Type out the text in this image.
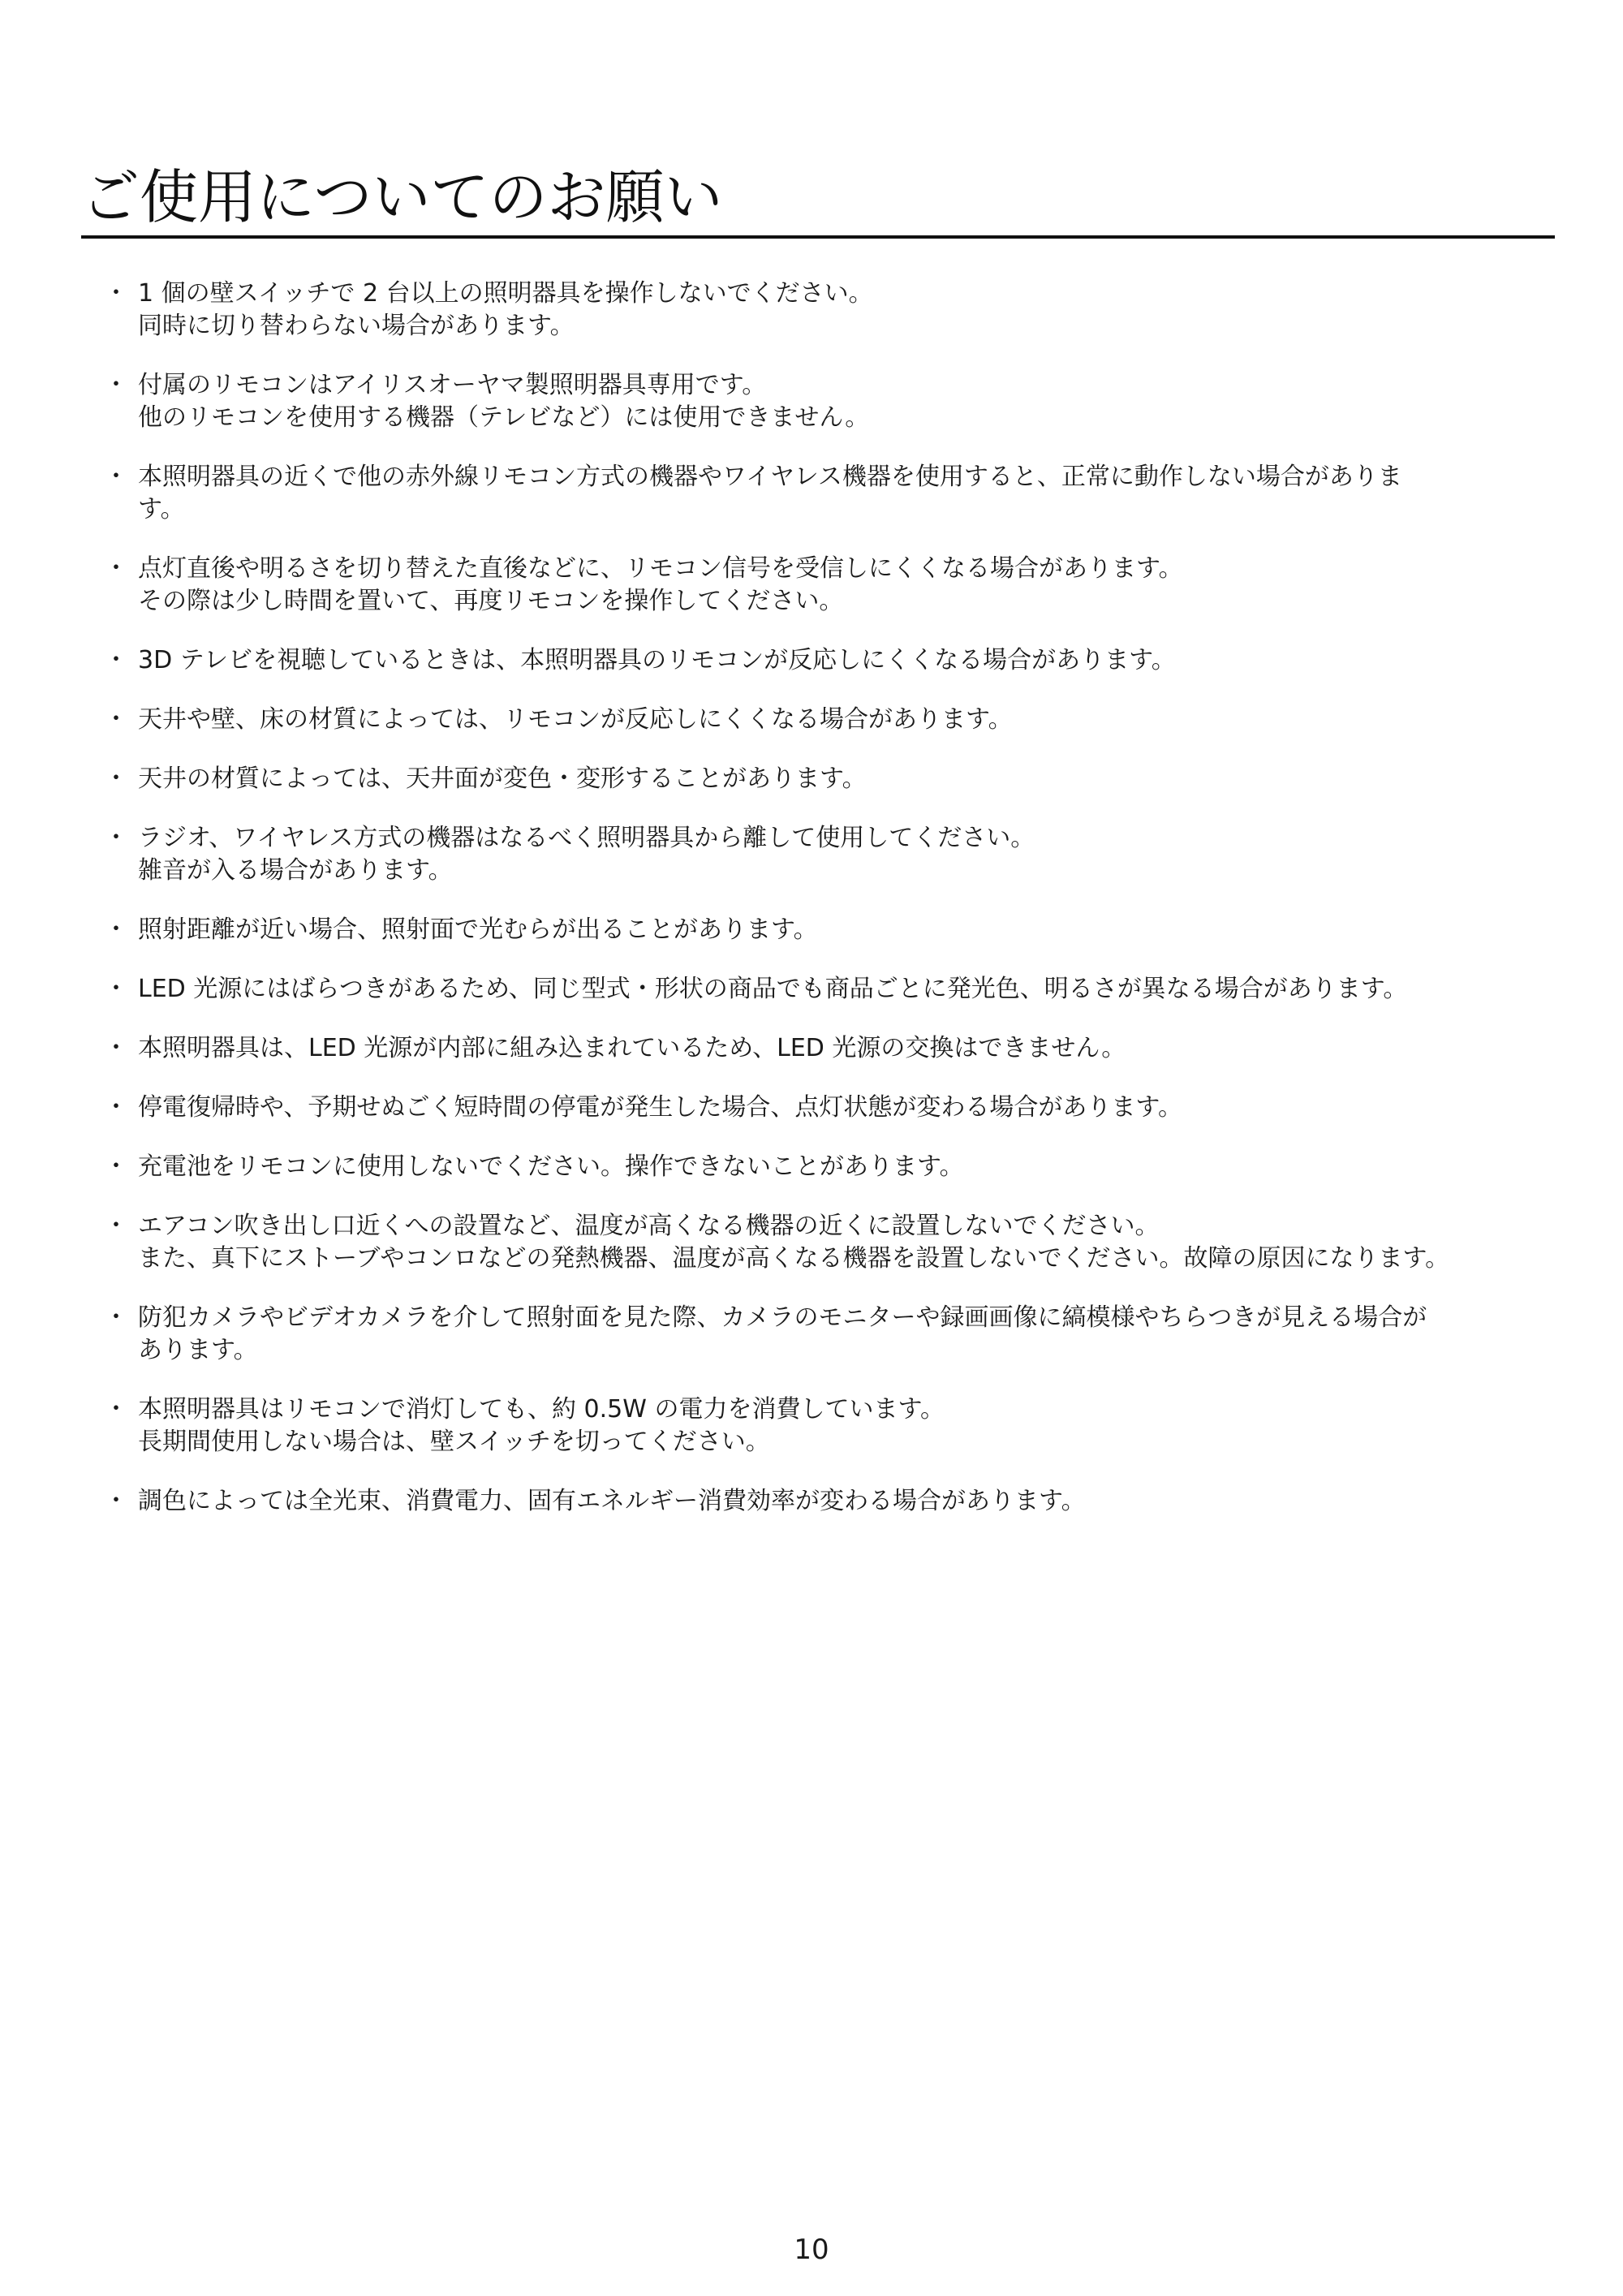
ご使用についてのお願い
・ 1 個の壁スイッチで 2 台以上の照明器具を操作しないでください。
同時に切り替わらない場合があります。
・ 付属のリモコンはアイリスオーヤマ製照明器具専用です。
他のリモコンを使用する機器（テレビなど）には使用できません。
・ 本照明器具の近くで他の赤外線リモコン方式の機器やワイヤレス機器を使用すると、正常に動作しない場合がありま
す。
・ 点灯直後や明るさを切り替えた直後などに、リモコン信号を受信しにくくなる場合があります。
その際は少し時間を置いて、再度リモコンを操作してください。
・ 3D テレビを視聴しているときは、本照明器具のリモコンが反応しにくくなる場合があります。
・ 天井や壁、床の材質によっては、リモコンが反応しにくくなる場合があります。
・ 天井の材質によっては、天井面が変色・変形することがあります。
・ ラジオ、ワイヤレス方式の機器はなるべく照明器具から離して使用してください。
雑音が入る場合があります。
・ 照射距離が近い場合、照射面で光むらが出ることがあります。
・ LED 光源にはばらつきがあるため、同じ型式・形状の商品でも商品ごとに発光色、明るさが異なる場合があります。
・ 本照明器具は、LED 光源が内部に組み込まれているため、LED 光源の交換はできません。
・ 停電復帰時や、予期せぬごく短時間の停電が発生した場合、点灯状態が変わる場合があります。
・ 充電池をリモコンに使用しないでください。操作できないことがあります。
・ エアコン吹き出し口近くへの設置など、温度が高くなる機器の近くに設置しないでください。
また、真下にストーブやコンロなどの発熱機器、温度が高くなる機器を設置しないでください。故障の原因になります。
・ 防犯カメラやビデオカメラを介して照射面を見た際、カメラのモニターや録画画像に縞模様やちらつきが見える場合が
あります。
・ 本照明器具はリモコンで消灯しても、約 0.5W の電力を消費しています。
長期間使用しない場合は、壁スイッチを切ってください。
・ 調色によっては全光束、消費電力、固有エネルギー消費効率が変わる場合があります。
10
